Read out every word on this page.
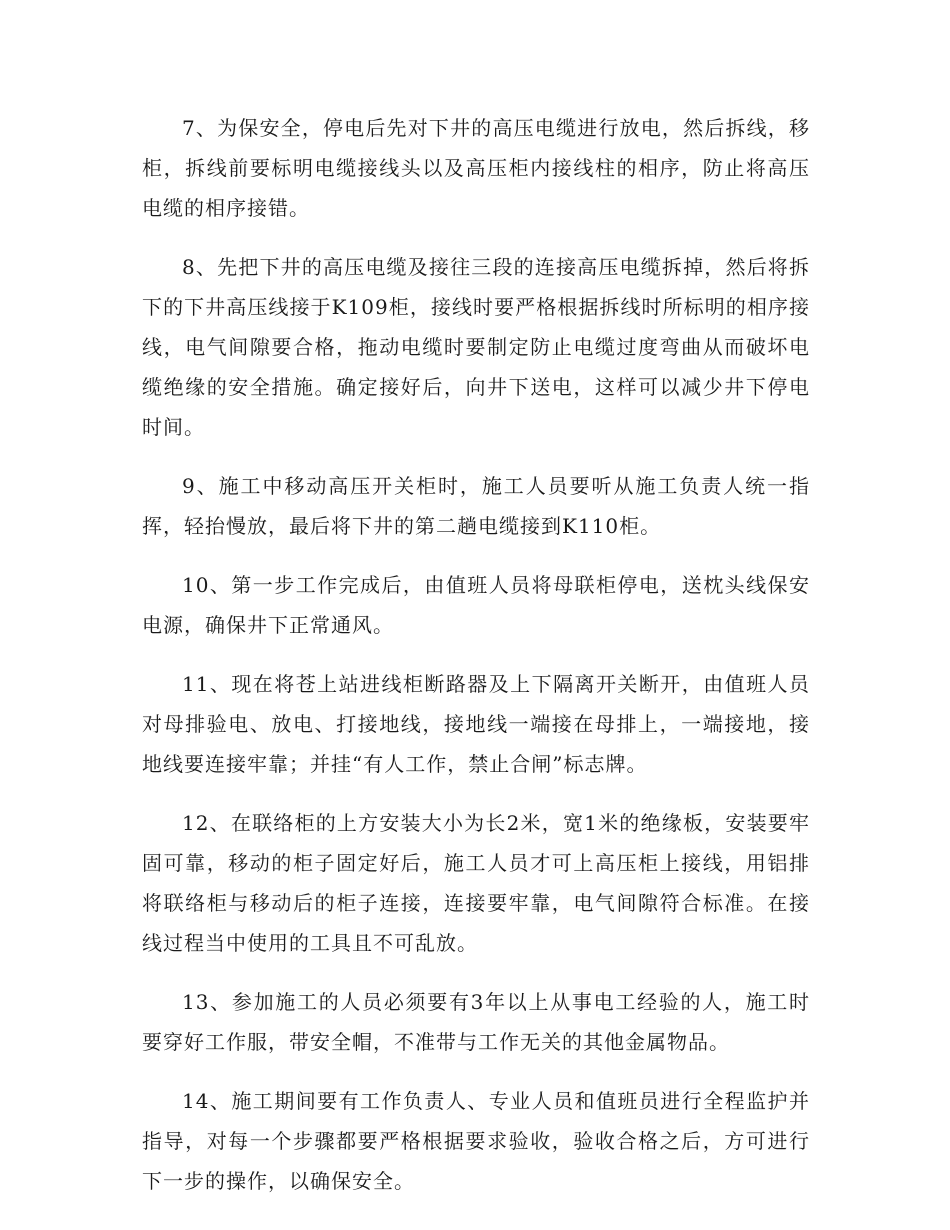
7、为保安全，停电后先对下井的高压电缆进行放电，然后拆线，移柜，拆线前要标明电缆接线头以及高压柜内接线柱的相序，防止将高压电缆的相序接错。

8、先把下井的高压电缆及接往三段的连接高压电缆拆掉，然后将拆下的下井高压线接于K109柜，接线时要严格根据拆线时所标明的相序接线，电气间隙要合格，拖动电缆时要制定防止电缆过度弯曲从而破坏电缆绝缘的安全措施。确定接好后，向井下送电，这样可以减少井下停电时间。

9、施工中移动高压开关柜时，施工人员要听从施工负责人统一指挥，轻抬慢放，最后将下井的第二趟电缆接到K110柜。

10、第一步工作完成后，由值班人员将母联柜停电，送枕头线保安电源，确保井下正常通风。

11、现在将苍上站进线柜断路器及上下隔离开关断开，由值班人员对母排验电、放电、打接地线，接地线一端接在母排上，一端接地，接地线要连接牢靠；并挂“有人工作，禁止合闸”标志牌。

12、在联络柜的上方安装大小为长2米，宽1米的绝缘板，安装要牢固可靠，移动的柜子固定好后，施工人员才可上高压柜上接线，用铝排将联络柜与移动后的柜子连接，连接要牢靠，电气间隙符合标准。在接线过程当中使用的工具且不可乱放。

13、参加施工的人员必须要有3年以上从事电工经验的人，施工时要穿好工作服，带安全帽，不准带与工作无关的其他金属物品。

14、施工期间要有工作负责人、专业人员和值班员进行全程监护并指导，对每一个步骤都要严格根据要求验收，验收合格之后，方可进行下一步的操作，以确保安全。
